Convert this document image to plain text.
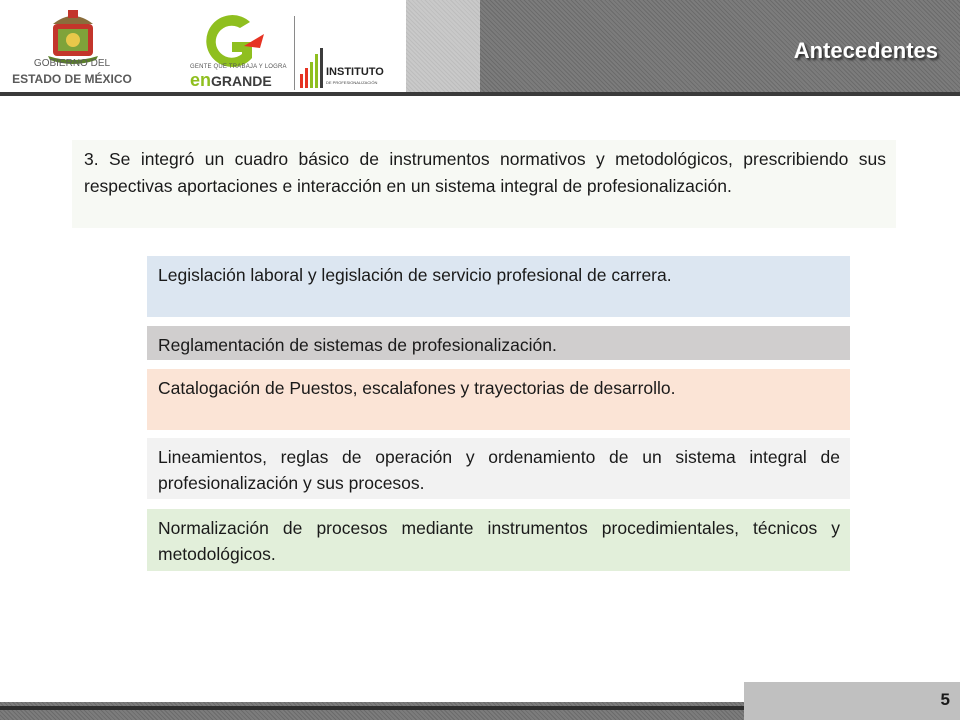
GOBIERNO DEL
ESTADO DE MÉXICO
GENTE QUE TRABAJA Y LOGRA
enGRANDE
INSTITUTO
DE PROFESIONALIZACIÓN
Antecedentes
3. Se integró un cuadro básico de instrumentos normativos y metodológicos, prescribiendo sus respectivas aportaciones e interacción en un sistema integral de profesionalización.
Legislación laboral y legislación de servicio profesional de carrera.
Reglamentación de sistemas de profesionalización.
Catalogación de Puestos, escalafones y trayectorias de desarrollo.
Lineamientos, reglas de operación y ordenamiento de un sistema integral de profesionalización y sus procesos.
Normalización de procesos mediante instrumentos procedimientales, técnicos y metodológicos.
5
